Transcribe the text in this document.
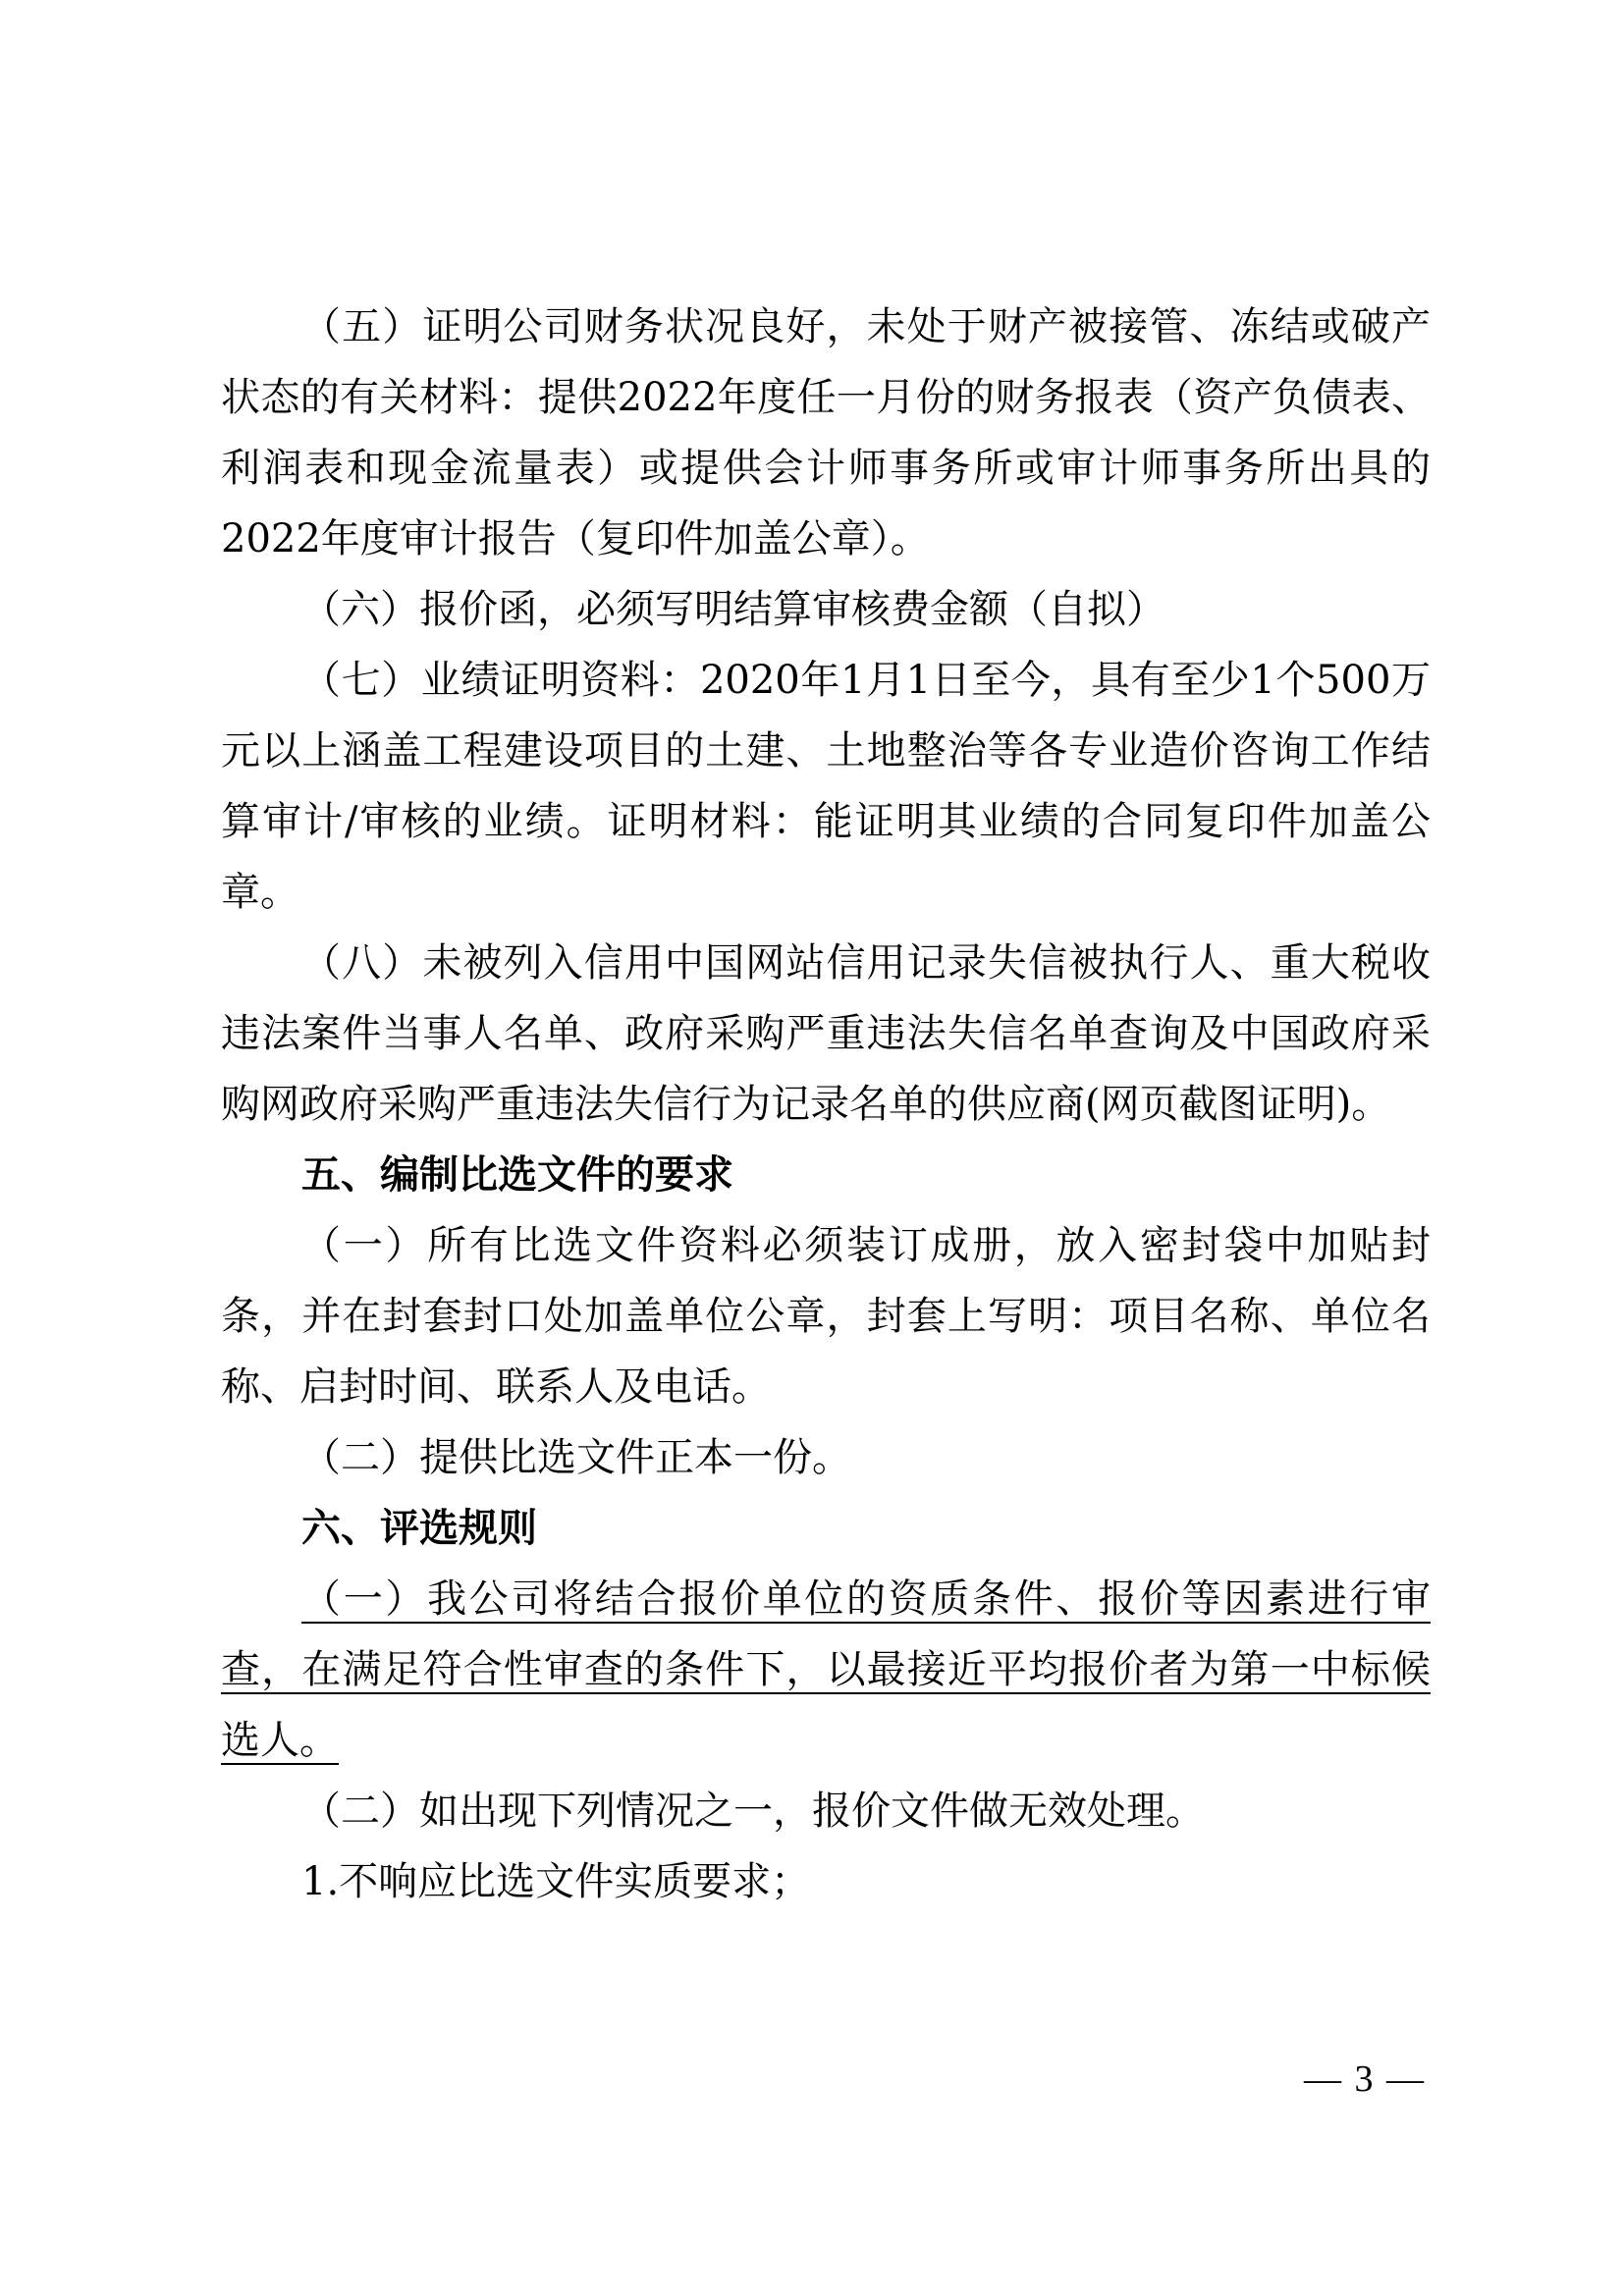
（五）证明公司财务状况良好，未处于财产被接管、冻结或破产状态的有关材料：提供2022年度任一月份的财务报表（资产负债表、利润表和现金流量表）或提供会计师事务所或审计师事务所出具的2022年度审计报告（复印件加盖公章）。

（六）报价函，必须写明结算审核费金额（自拟）

（七）业绩证明资料：2020年1月1日至今，具有至少1个500万元以上涵盖工程建设项目的土建、土地整治等各专业造价咨询工作结算审计/审核的业绩。证明材料：能证明其业绩的合同复印件加盖公章。

（八）未被列入信用中国网站信用记录失信被执行人、重大税收违法案件当事人名单、政府采购严重违法失信名单查询及中国政府采购网政府采购严重违法失信行为记录名单的供应商(网页截图证明)。

五、编制比选文件的要求

（一）所有比选文件资料必须装订成册，放入密封袋中加贴封条，并在封套封口处加盖单位公章，封套上写明：项目名称、单位名称、启封时间、联系人及电话。

（二）提供比选文件正本一份。

六、评选规则

（一）我公司将结合报价单位的资质条件、报价等因素进行审查，在满足符合性审查的条件下，以最接近平均报价者为第一中标候选人。

（二）如出现下列情况之一，报价文件做无效处理。

1.不响应比选文件实质要求；

— 3 —
